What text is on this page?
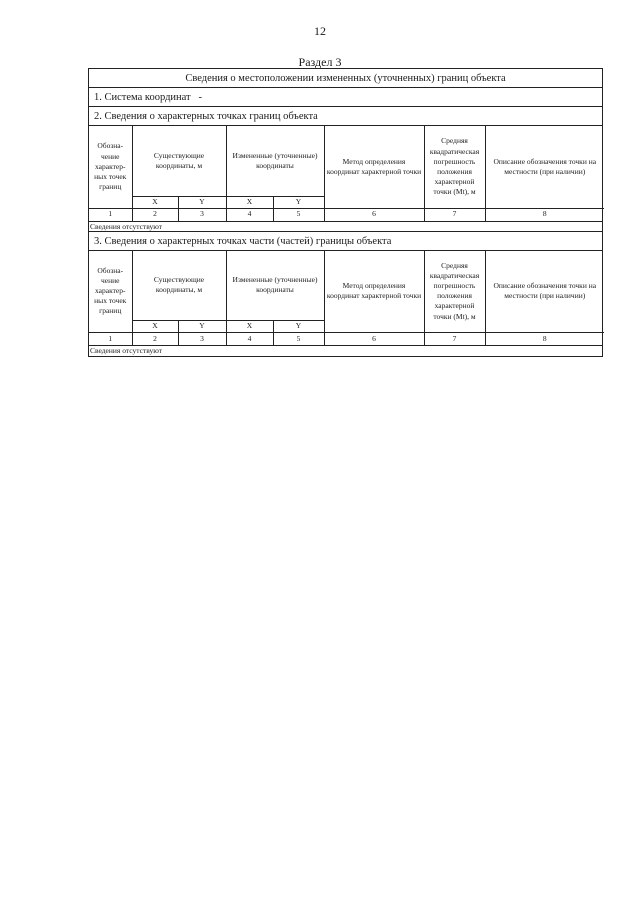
12
Раздел 3
Сведения о местоположении измененных (уточненных) границ объекта
1. Система координат -
2. Сведения о характерных точках границ объекта
Обозна-чение характер-ных точек границ	Существующие координаты, м		Измененные (уточненные) координаты		Метод определения координат характерной точки	Средняя квадратическая погрешность положения характерной точки (Mt), м	Описание обозначения точки на местности (при наличии)
	X	Y	X	Y			
1	2	3	4	5	6	7	8
Сведения отсутствуют
3. Сведения о характерных точках части (частей) границы объекта
Обозна-чение характер-ных точек границ	Существующие координаты, м		Измененные (уточненные) координаты		Метод определения координат характерной точки	Средняя квадратическая погрешность положения характерной точки (Mt), м	Описание обозначения точки на местности (при наличии)
	X	Y	X	Y			
1	2	3	4	5	6	7	8
Сведения отсутствуют
